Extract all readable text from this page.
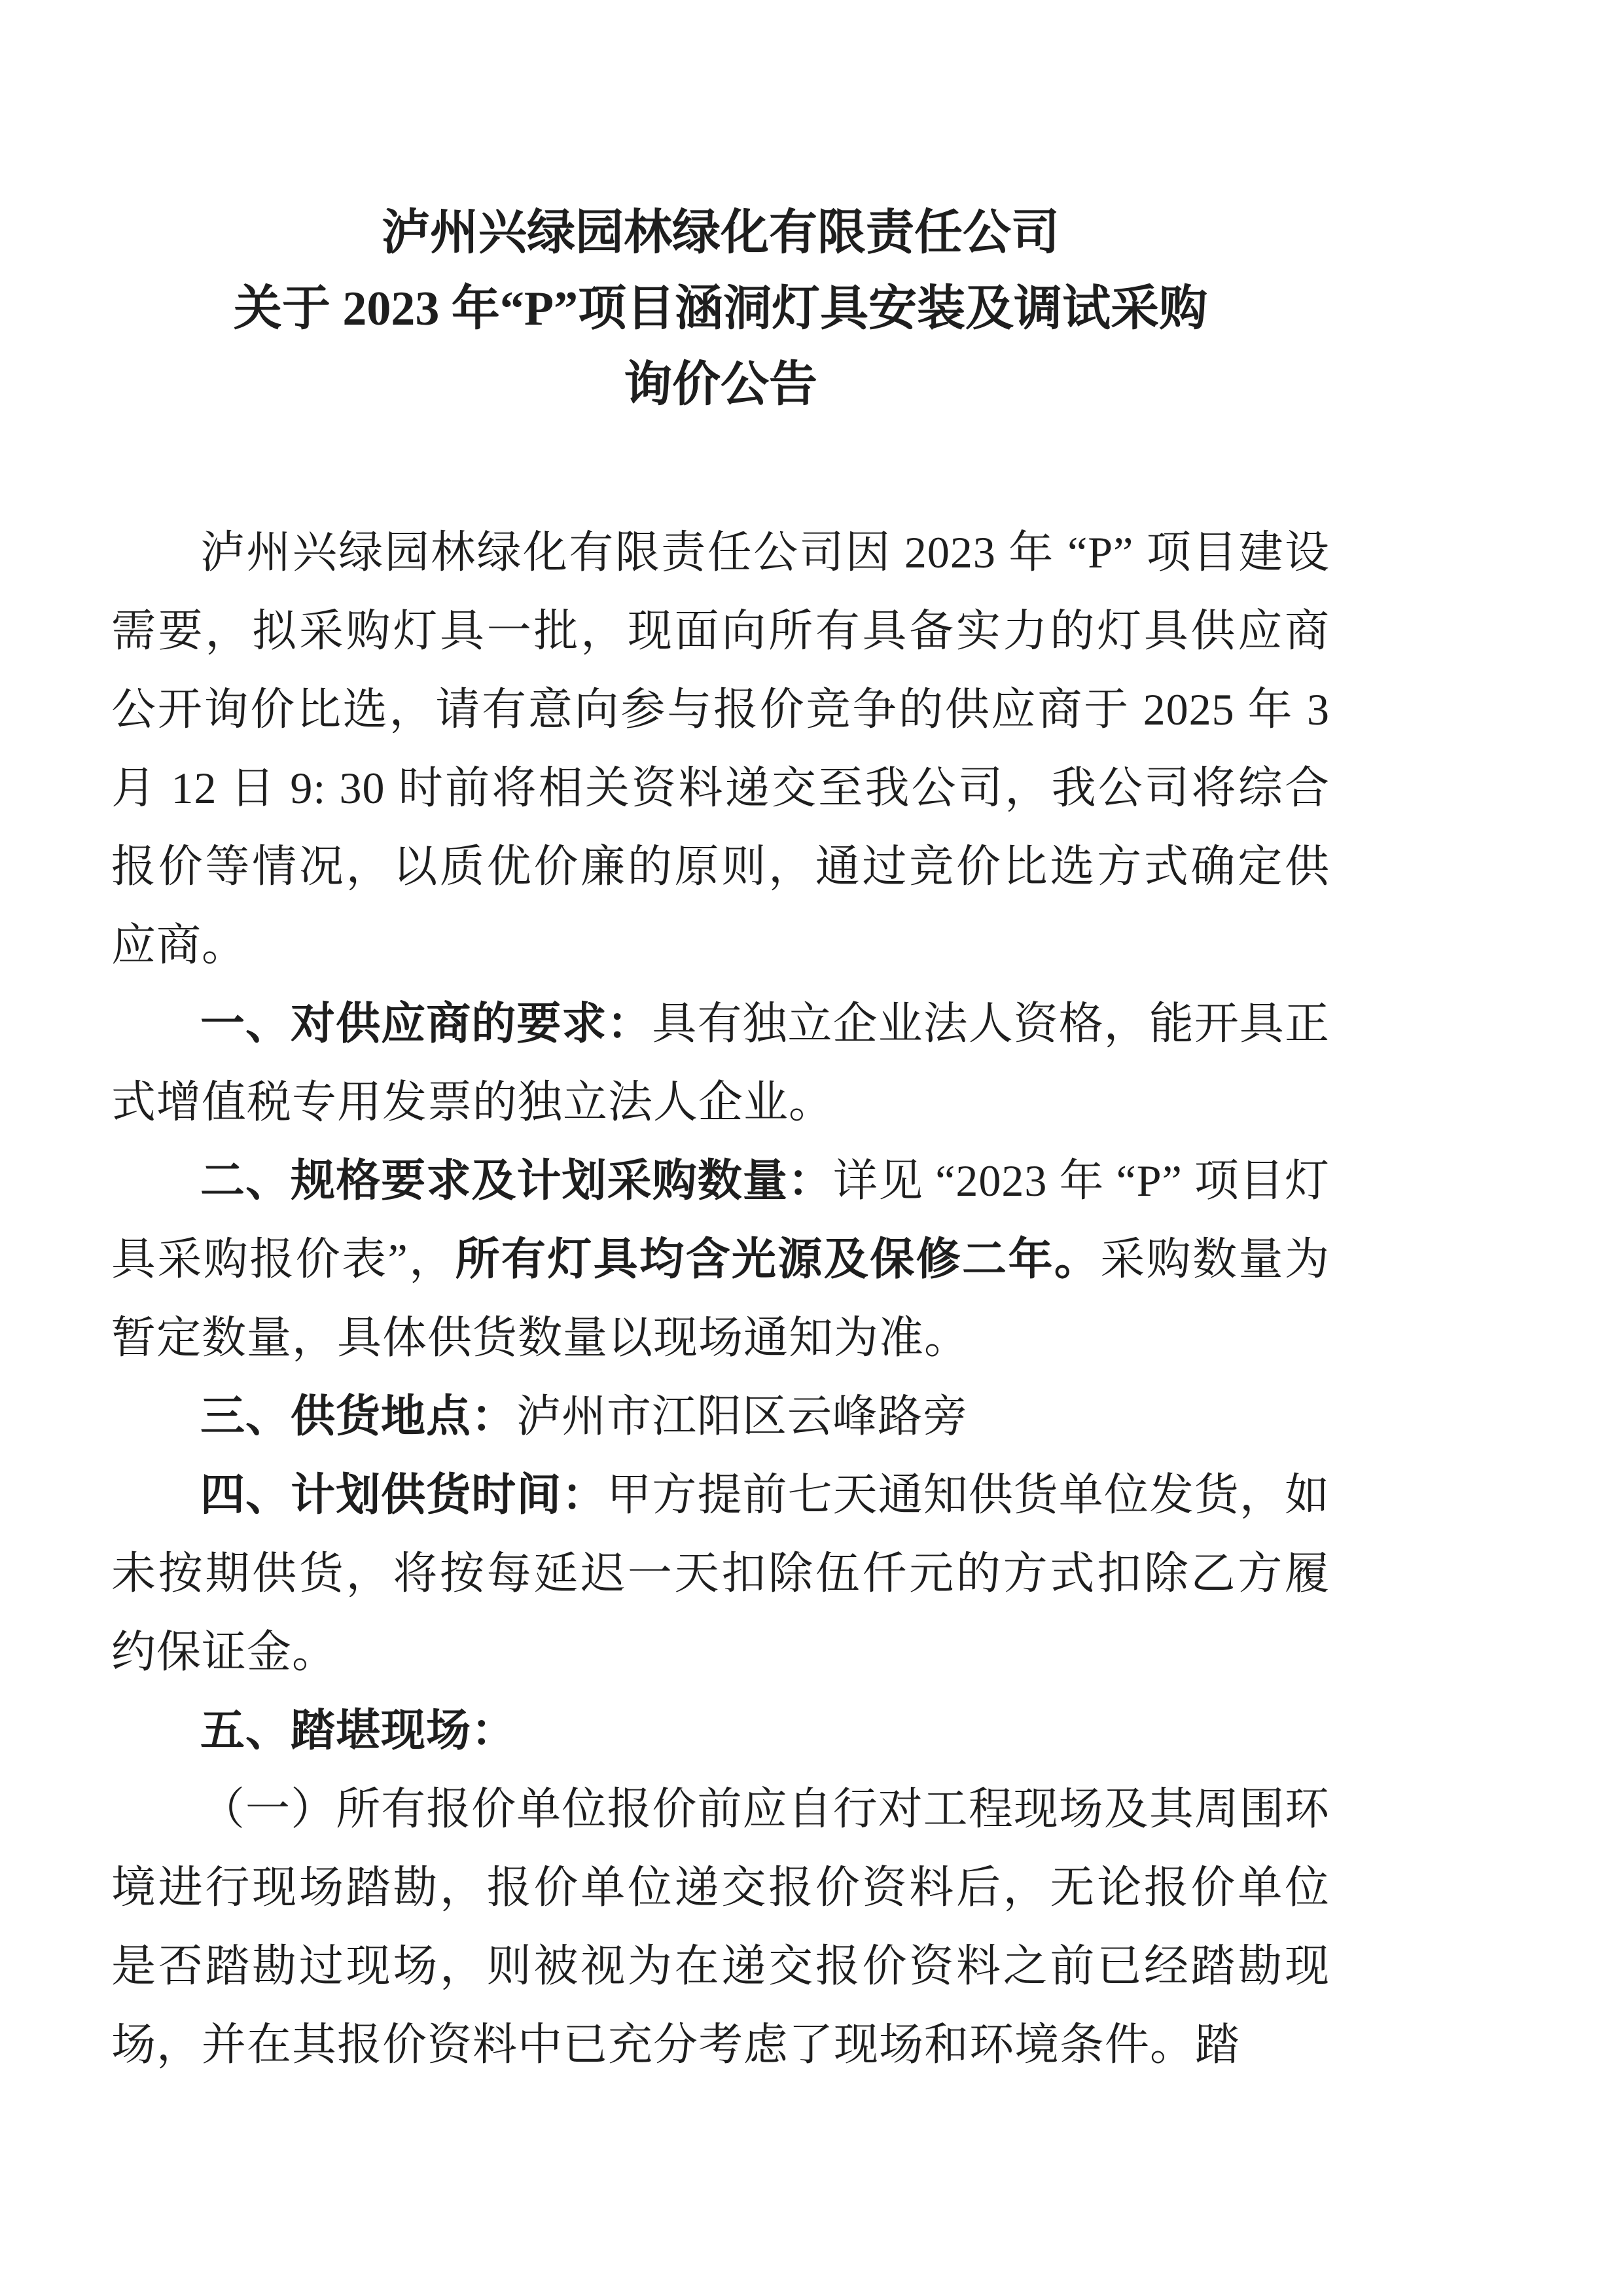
泸州兴绿园林绿化有限责任公司
关于 2023 年“P”项目涵洞灯具安装及调试采购
询价公告

泸州兴绿园林绿化有限责任公司因 2023 年 “P” 项目建设需要，拟采购灯具一批，现面向所有具备实力的灯具供应商公开询价比选，请有意向参与报价竞争的供应商于 2025 年 3 月 12 日 9: 30 时前将相关资料递交至我公司，我公司将综合报价等情况，以质优价廉的原则，通过竞价比选方式确定供应商。

一、对供应商的要求：具有独立企业法人资格，能开具正式增值税专用发票的独立法人企业。

二、规格要求及计划采购数量：详见 “2023 年 “P” 项目灯具采购报价表”，所有灯具均含光源及保修二年。采购数量为暂定数量，具体供货数量以现场通知为准。

三、供货地点：泸州市江阳区云峰路旁

四、计划供货时间：甲方提前七天通知供货单位发货，如未按期供货，将按每延迟一天扣除伍仟元的方式扣除乙方履约保证金。

五、踏堪现场：

（一）所有报价单位报价前应自行对工程现场及其周围环境进行现场踏勘，报价单位递交报价资料后，无论报价单位是否踏勘过现场，则被视为在递交报价资料之前已经踏勘现场，并在其报价资料中已充分考虑了现场和环境条件。踏
